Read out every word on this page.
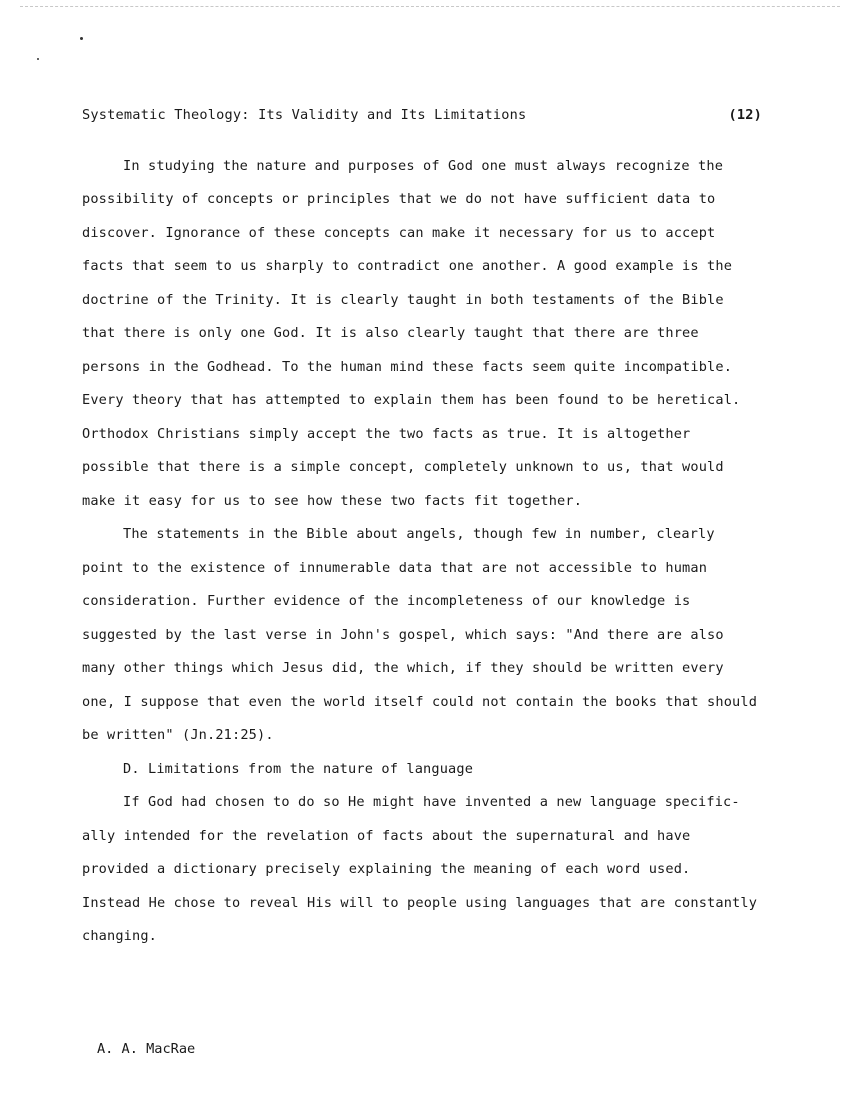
Systematic Theology: Its Validity and Its Limitations	(12)
In studying the nature and purposes of God one must always recognize the
possibility of concepts or principles that we do not have sufficient data to
discover. Ignorance of these concepts can make it necessary for us to accept
facts that seem to us sharply to contradict one another. A good example is the
doctrine of the Trinity. It is clearly taught in both testaments of the Bible
that there is only one God. It is also clearly taught that there are three
persons in the Godhead. To the human mind these facts seem quite incompatible.
Every theory that has attempted to explain them has been found to be heretical.
Orthodox Christians simply accept the two facts as true. It is altogether
possible that there is a simple concept, completely unknown to us, that would
make it easy for us to see how these two facts fit together.
The statements in the Bible about angels, though few in number, clearly
point to the existence of innumerable data that are not accessible to human
consideration. Further evidence of the incompleteness of our knowledge is
suggested by the last verse in John's gospel, which says: "And there are also
many other things which Jesus did, the which, if they should be written every
one, I suppose that even the world itself could not contain the books that should
be written" (Jn.21:25).
D. Limitations from the nature of language
If God had chosen to do so He might have invented a new language specific-
ally intended for the revelation of facts about the supernatural and have
provided a dictionary precisely explaining the meaning of each word used.
Instead He chose to reveal His will to people using languages that are constantly
changing.
A. A. MacRae
